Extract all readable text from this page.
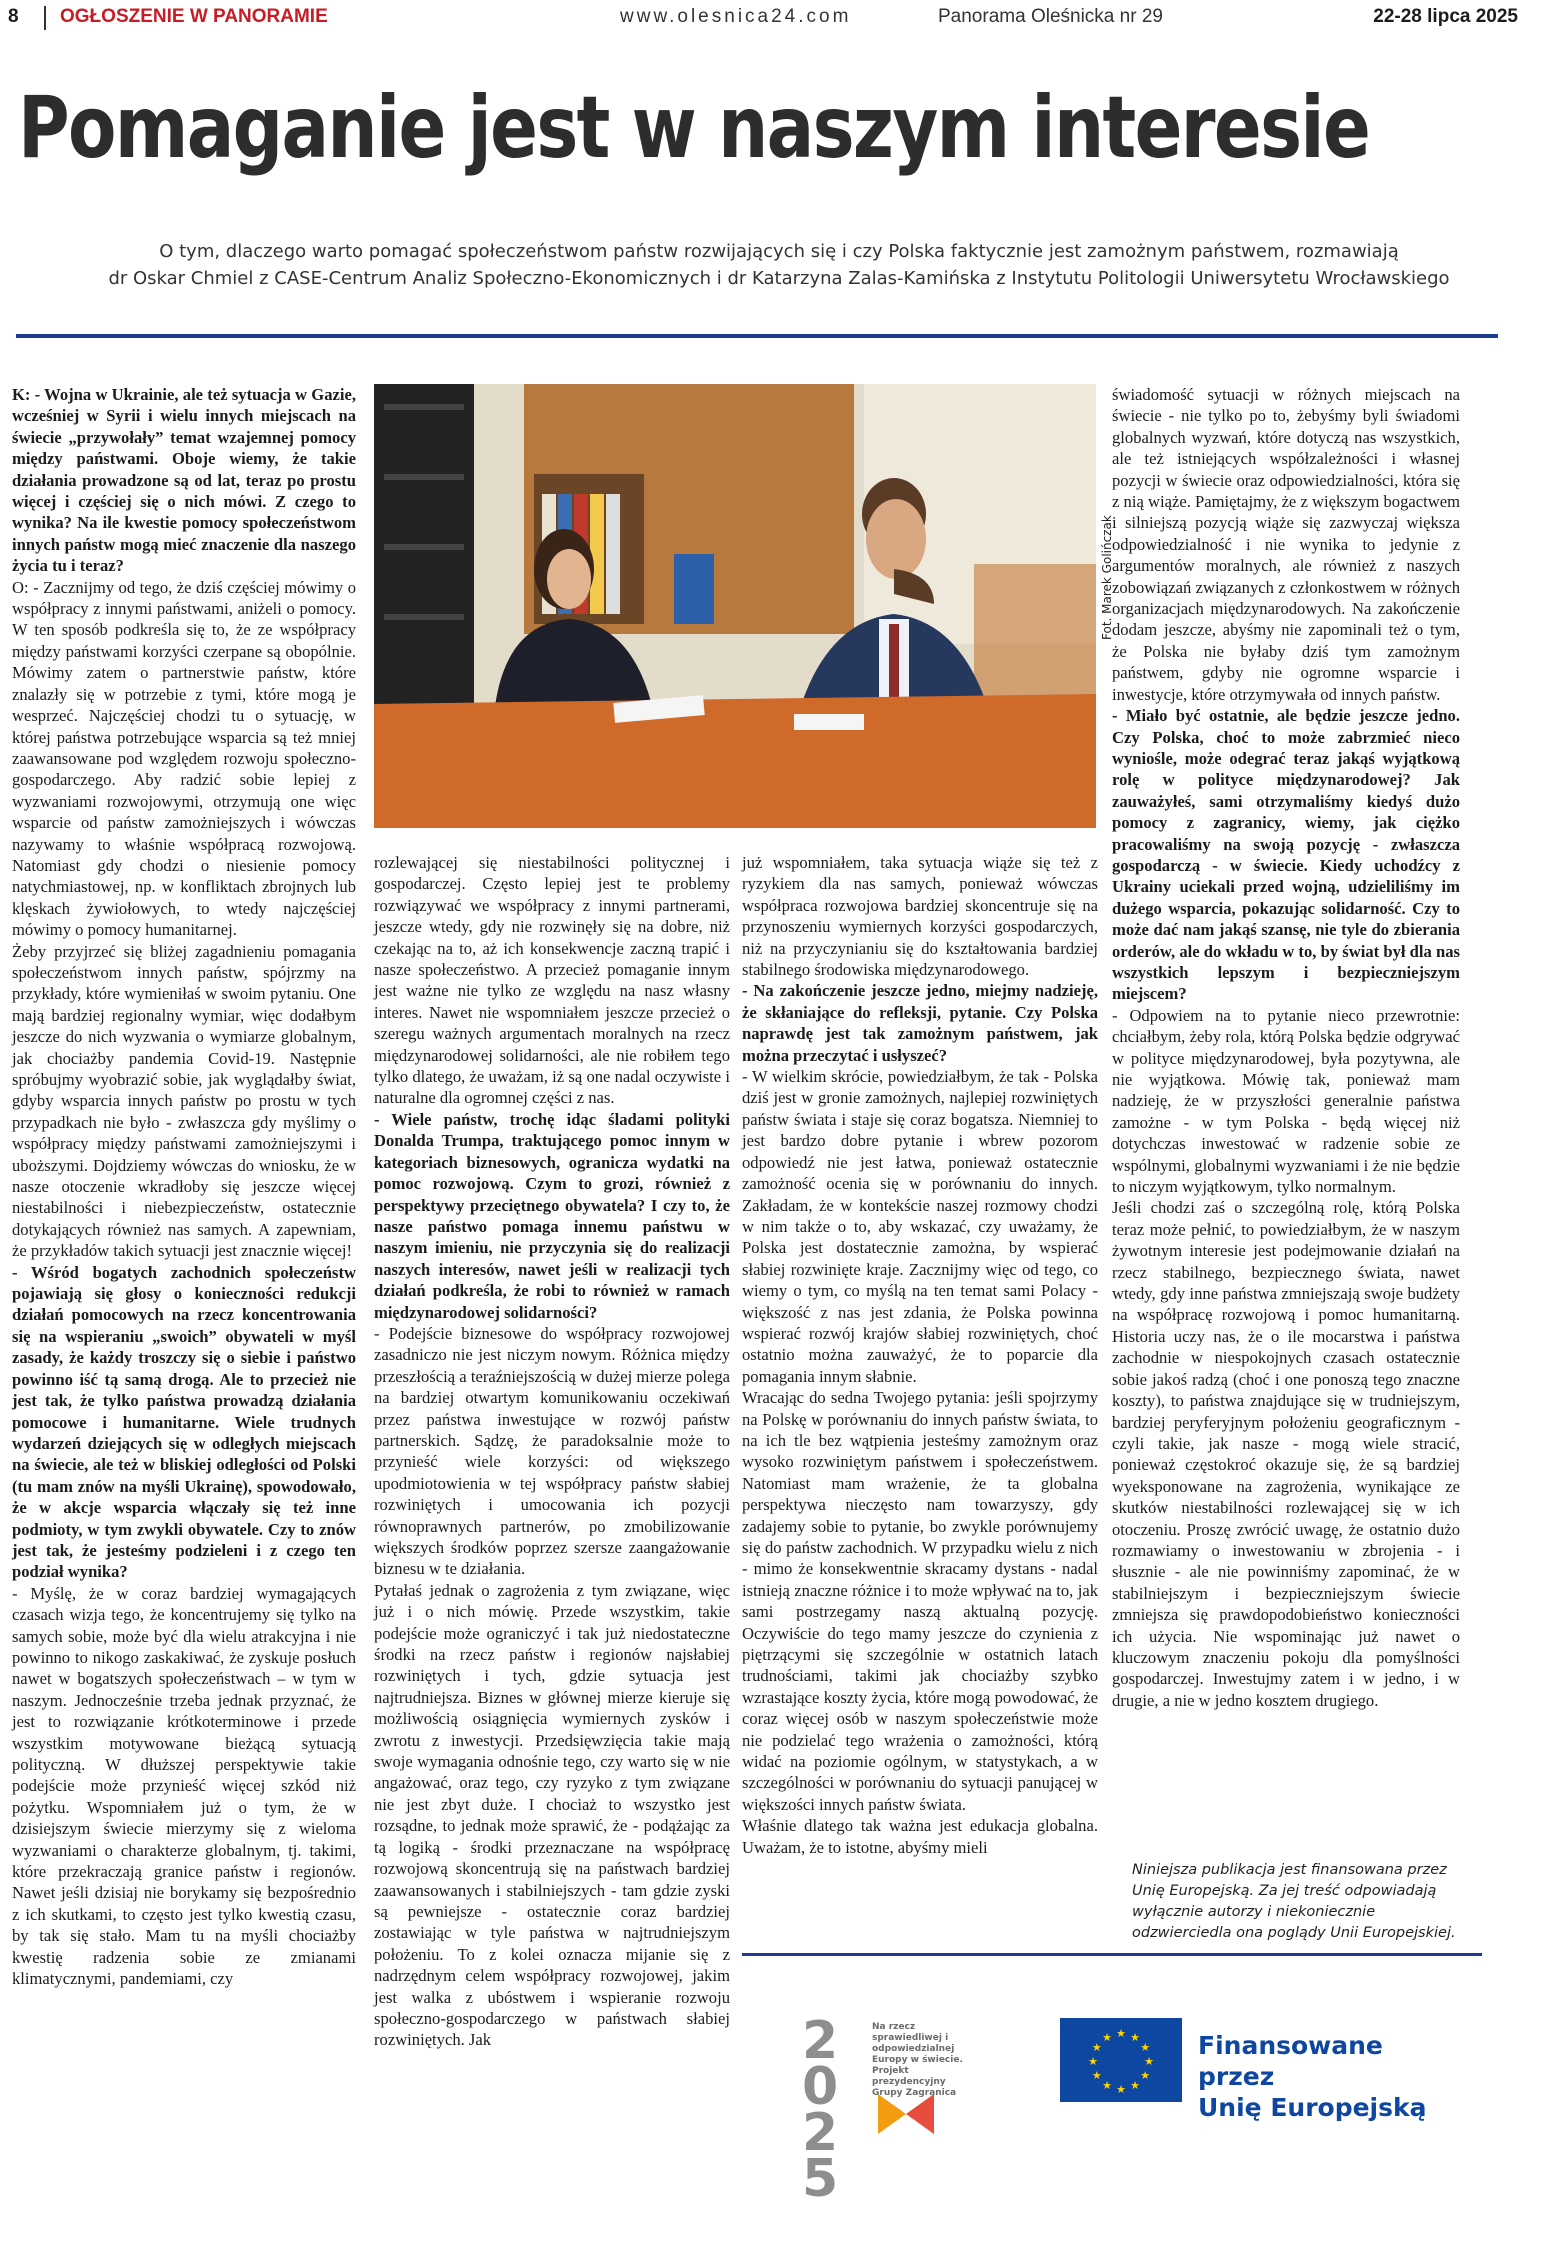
8 OGŁOSZENIE W PANORAMIE	www.olesnica24.com	Panorama Oleśnicka nr 29	22-28 lipca 2025
Pomaganie jest w naszym interesie

O tym, dlaczego warto pomagać społeczeństwom państw rozwijających się i czy Polska faktycznie jest zamożnym państwem, rozmawiają

dr Oskar Chmiel z CASE-Centrum Analiz Społeczno-Ekonomicznych i dr Katarzyna Zalas-Kamińska z Instytutu Politologii Uniwersytetu Wrocławskiego

K: - Wojna w Ukrainie, ale też sytuacja w Gazie, wcześniej w Syrii i wielu innych miejscach na świecie „przywołały” temat wzajemnej pomocy między państwami. Oboje wiemy, że takie działania prowadzone są od lat, teraz po prostu więcej i częściej się o nich mówi. Z czego to wynika? Na ile kwestie pomocy społeczeństwom innych państw mogą mieć znaczenie dla naszego życia tu i teraz?

O: - Zacznijmy od tego, że dziś częściej mówimy o współpracy z innymi państwami, aniżeli o pomocy. W ten sposób podkreśla się to, że ze współpracy między państwami korzyści czerpane są obopólnie. Mówimy zatem o partnerstwie państw, które znalazły się w potrzebie z tymi, które mogą je wesprzeć. Najczęściej chodzi tu o sytuację, w której państwa potrzebujące wsparcia są też mniej zaawansowane pod względem rozwoju społeczno-gospodarczego. Aby radzić sobie lepiej z wyzwaniami rozwojowymi, otrzymują one więc wsparcie od państw zamożniejszych i wówczas nazywamy to właśnie współpracą rozwojową. Natomiast gdy chodzi o niesienie pomocy natychmiastowej, np. w konfliktach zbrojnych lub klęskach żywiołowych, to wtedy najczęściej mówimy o pomocy humanitarnej.

Żeby przyjrzeć się bliżej zagadnieniu pomagania społeczeństwom innych państw, spójrzmy na przykłady, które wymieniłaś w swoim pytaniu. One mają bardziej regionalny wymiar, więc dodałbym jeszcze do nich wyzwania o wymiarze globalnym, jak chociażby pandemia Covid-19. Następnie spróbujmy wyobrazić sobie, jak wyglądałby świat, gdyby wsparcia innych państw po prostu w tych przypadkach nie było - zwłaszcza gdy myślimy o współpracy między państwami zamożniejszymi i uboższymi. Dojdziemy wówczas do wniosku, że w nasze otoczenie wkradłoby się jeszcze więcej niestabilności i niebezpieczeństw, ostatecznie dotykających również nas samych. A zapewniam, że przykładów takich sytuacji jest znacznie więcej!

- Wśród bogatych zachodnich społeczeństw pojawiają się głosy o konieczności redukcji działań pomocowych na rzecz koncentrowania się na wspieraniu „swoich” obywateli w myśl zasady, że każdy troszczy się o siebie i państwo powinno iść tą samą drogą. Ale to przecież nie jest tak, że tylko państwa prowadzą działania pomocowe i humanitarne. Wiele trudnych wydarzeń dziejących się w odległych miejscach na świecie, ale też w bliskiej odległości od Polski (tu mam znów na myśli Ukrainę), spowodowało, że w akcje wsparcia włączały się też inne podmioty, w tym zwykli obywatele. Czy to znów jest tak, że jesteśmy podzieleni i z czego ten podział wynika?

- Myślę, że w coraz bardziej wymagających czasach wizja tego, że koncentrujemy się tylko na samych sobie, może być dla wielu atrakcyjna i nie powinno to nikogo zaskakiwać, że zyskuje posłuch nawet w bogatszych społeczeństwach – w tym w naszym. Jednocześnie trzeba jednak przyznać, że jest to rozwiązanie krótkoterminowe i przede wszystkim motywowane bieżącą sytuacją polityczną. W dłuższej perspektywie takie podejście może przynieść więcej szkód niż pożytku. Wspomniałem już o tym, że w dzisiejszym świecie mierzymy się z wieloma wyzwaniami o charakterze globalnym, tj. takimi, które przekraczają granice państw i regionów. Nawet jeśli dzisiaj nie borykamy się bezpośrednio z ich skutkami, to często jest tylko kwestią czasu, by tak się stało. Mam tu na myśli chociażby kwestię radzenia sobie ze zmianami klimatycznymi, pandemiami, czy

Fot. Marek Golińczak

rozlewającej się niestabilności politycznej i gospodarczej. Często lepiej jest te problemy rozwiązywać we współpracy z innymi partnerami, jeszcze wtedy, gdy nie rozwinęły się na dobre, niż czekając na to, aż ich konsekwencje zaczną trapić i nasze społeczeństwo. A przecież pomaganie innym jest ważne nie tylko ze względu na nasz własny interes. Nawet nie wspomniałem jeszcze przecież o szeregu ważnych argumentach moralnych na rzecz międzynarodowej solidarności, ale nie robiłem tego tylko dlatego, że uważam, iż są one nadal oczywiste i naturalne dla ogromnej części z nas.

- Wiele państw, trochę idąc śladami polityki Donalda Trumpa, traktującego pomoc innym w kategoriach biznesowych, ogranicza wydatki na pomoc rozwojową. Czym to grozi, również z perspektywy przeciętnego obywatela? I czy to, że nasze państwo pomaga innemu państwu w naszym imieniu, nie przyczynia się do realizacji naszych interesów, nawet jeśli w realizacji tych działań podkreśla, że robi to również w ramach międzynarodowej solidarności?

- Podejście biznesowe do współpracy rozwojowej zasadniczo nie jest niczym nowym. Różnica między przeszłością a teraźniejszością w dużej mierze polega na bardziej otwartym komunikowaniu oczekiwań przez państwa inwestujące w rozwój państw partnerskich. Sądzę, że paradoksalnie może to przynieść wiele korzyści: od większego upodmiotowienia w tej współpracy państw słabiej rozwiniętych i umocowania ich pozycji równoprawnych partnerów, po zmobilizowanie większych środków poprzez szersze zaangażowanie biznesu w te działania.

Pytałaś jednak o zagrożenia z tym związane, więc już i o nich mówię. Przede wszystkim, takie podejście może ograniczyć i tak już niedostateczne środki na rzecz państw i regionów najsłabiej rozwiniętych i tych, gdzie sytuacja jest najtrudniejsza. Biznes w głównej mierze kieruje się możliwością osiągnięcia wymiernych zysków i zwrotu z inwestycji. Przedsięwzięcia takie mają swoje wymagania odnośnie tego, czy warto się w nie angażować, oraz tego, czy ryzyko z tym związane nie jest zbyt duże. I chociaż to wszystko jest rozsądne, to jednak może sprawić, że - podążając za tą logiką - środki przeznaczane na współpracę rozwojową skoncentrują się na państwach bardziej zaawansowanych i stabilniejszych - tam gdzie zyski są pewniejsze - ostatecznie coraz bardziej zostawiając w tyle państwa w najtrudniejszym położeniu. To z kolei oznacza mijanie się z nadrzędnym celem współpracy rozwojowej, jakim jest walka z ubóstwem i wspieranie rozwoju społeczno-gospodarczego w państwach słabiej rozwiniętych. Jak

już wspomniałem, taka sytuacja wiąże się też z ryzykiem dla nas samych, ponieważ wówczas współpraca rozwojowa bardziej skoncentruje się na przynoszeniu wymiernych korzyści gospodarczych, niż na przyczynianiu się do kształtowania bardziej stabilnego środowiska międzynarodowego.

- Na zakończenie jeszcze jedno, miejmy nadzieję, że skłaniające do refleksji, pytanie. Czy Polska naprawdę jest tak zamożnym państwem, jak można przeczytać i usłyszeć?

- W wielkim skrócie, powiedziałbym, że tak - Polska dziś jest w gronie zamożnych, najlepiej rozwiniętych państw świata i staje się coraz bogatsza. Niemniej to jest bardzo dobre pytanie i wbrew pozorom odpowiedź nie jest łatwa, ponieważ ostatecznie zamożność ocenia się w porównaniu do innych. Zakładam, że w kontekście naszej rozmowy chodzi w nim także o to, aby wskazać, czy uważamy, że Polska jest dostatecznie zamożna, by wspierać słabiej rozwinięte kraje. Zacznijmy więc od tego, co wiemy o tym, co myślą na ten temat sami Polacy - większość z nas jest zdania, że Polska powinna wspierać rozwój krajów słabiej rozwiniętych, choć ostatnio można zauważyć, że to poparcie dla pomagania innym słabnie.

Wracając do sedna Twojego pytania: jeśli spojrzymy na Polskę w porównaniu do innych państw świata, to na ich tle bez wątpienia jesteśmy zamożnym oraz wysoko rozwiniętym państwem i społeczeństwem. Natomiast mam wrażenie, że ta globalna perspektywa nieczęsto nam towarzyszy, gdy zadajemy sobie to pytanie, bo zwykle porównujemy się do państw zachodnich. W przypadku wielu z nich - mimo że konsekwentnie skracamy dystans - nadal istnieją znaczne różnice i to może wpływać na to, jak sami postrzegamy naszą aktualną pozycję. Oczywiście do tego mamy jeszcze do czynienia z piętrzącymi się szczególnie w ostatnich latach trudnościami, takimi jak chociażby szybko wzrastające koszty życia, które mogą powodować, że coraz więcej osób w naszym społeczeństwie może nie podzielać tego wrażenia o zamożności, którą widać na poziomie ogólnym, w statystykach, a w szczególności w porównaniu do sytuacji panującej w większości innych państw świata.

Właśnie dlatego tak ważna jest edukacja globalna. Uważam, że to istotne, abyśmy mieli

świadomość sytuacji w różnych miejscach na świecie - nie tylko po to, żebyśmy byli świadomi globalnych wyzwań, które dotyczą nas wszystkich, ale też istniejących współzależności i własnej pozycji w świecie oraz odpowiedzialności, która się z nią wiąże. Pamiętajmy, że z większym bogactwem i silniejszą pozycją wiąże się zazwyczaj większa odpowiedzialność i nie wynika to jedynie z argumentów moralnych, ale również z naszych zobowiązań związanych z członkostwem w różnych organizacjach międzynarodowych. Na zakończenie dodam jeszcze, abyśmy nie zapominali też o tym, że Polska nie byłaby dziś tym zamożnym państwem, gdyby nie ogromne wsparcie i inwestycje, które otrzymywała od innych państw.

- Miało być ostatnie, ale będzie jeszcze jedno. Czy Polska, choć to może zabrzmieć nieco wyniośle, może odegrać teraz jakąś wyjątkową rolę w polityce międzynarodowej? Jak zauważyłeś, sami otrzymaliśmy kiedyś dużo pomocy z zagranicy, wiemy, jak ciężko pracowaliśmy na swoją pozycję - zwłaszcza gospodarczą - w świecie. Kiedy uchodźcy z Ukrainy uciekali przed wojną, udzieliliśmy im dużego wsparcia, pokazując solidarność. Czy to może dać nam jakąś szansę, nie tyle do zbierania orderów, ale do wkładu w to, by świat był dla nas wszystkich lepszym i bezpieczniejszym miejscem?

- Odpowiem na to pytanie nieco przewrotnie: chciałbym, żeby rola, którą Polska będzie odgrywać w polityce międzynarodowej, była pozytywna, ale nie wyjątkowa. Mówię tak, ponieważ mam nadzieję, że w przyszłości generalnie państwa zamożne - w tym Polska - będą więcej niż dotychczas inwestować w radzenie sobie ze wspólnymi, globalnymi wyzwaniami i że nie będzie to niczym wyjątkowym, tylko normalnym.

Jeśli chodzi zaś o szczególną rolę, którą Polska teraz może pełnić, to powiedziałbym, że w naszym żywotnym interesie jest podejmowanie działań na rzecz stabilnego, bezpiecznego świata, nawet wtedy, gdy inne państwa zmniejszają swoje budżety na współpracę rozwojową i pomoc humanitarną. Historia uczy nas, że o ile mocarstwa i państwa zachodnie w niespokojnych czasach ostatecznie sobie jakoś radzą (choć i one ponoszą tego znaczne koszty), to państwa znajdujące się w trudniejszym, bardziej peryferyjnym położeniu geograficznym - czyli takie, jak nasze - mogą wiele stracić, ponieważ częstokroć okazuje się, że są bardziej wyeksponowane na zagrożenia, wynikające ze skutków niestabilności rozlewającej się w ich otoczeniu. Proszę zwrócić uwagę, że ostatnio dużo rozmawiamy o inwestowaniu w zbrojenia - i słusznie - ale nie powinniśmy zapominać, że w stabilniejszym i bezpieczniejszym świecie zmniejsza się prawdopodobieństwo konieczności ich użycia. Nie wspominając już nawet o kluczowym znaczeniu pokoju dla pomyślności gospodarczej. Inwestujmy zatem i w jedno, i w drugie, a nie w jedno kosztem drugiego.

Niniejsza publikacja jest finansowana przez Unię Europejską. Za jej treść odpowiadają wyłącznie autorzy i niekoniecznie odzwierciedla ona poglądy Unii Europejskiej.
20 25
Na rzecz sprawiedliwej i odpowiedzialnej Europy w świecie. Projekt prezydencyjny Grupy Zagranica
★
★
★
★
★
★
★
★
★ ★ ★
★ Finansowane przez
Unię Europejską
